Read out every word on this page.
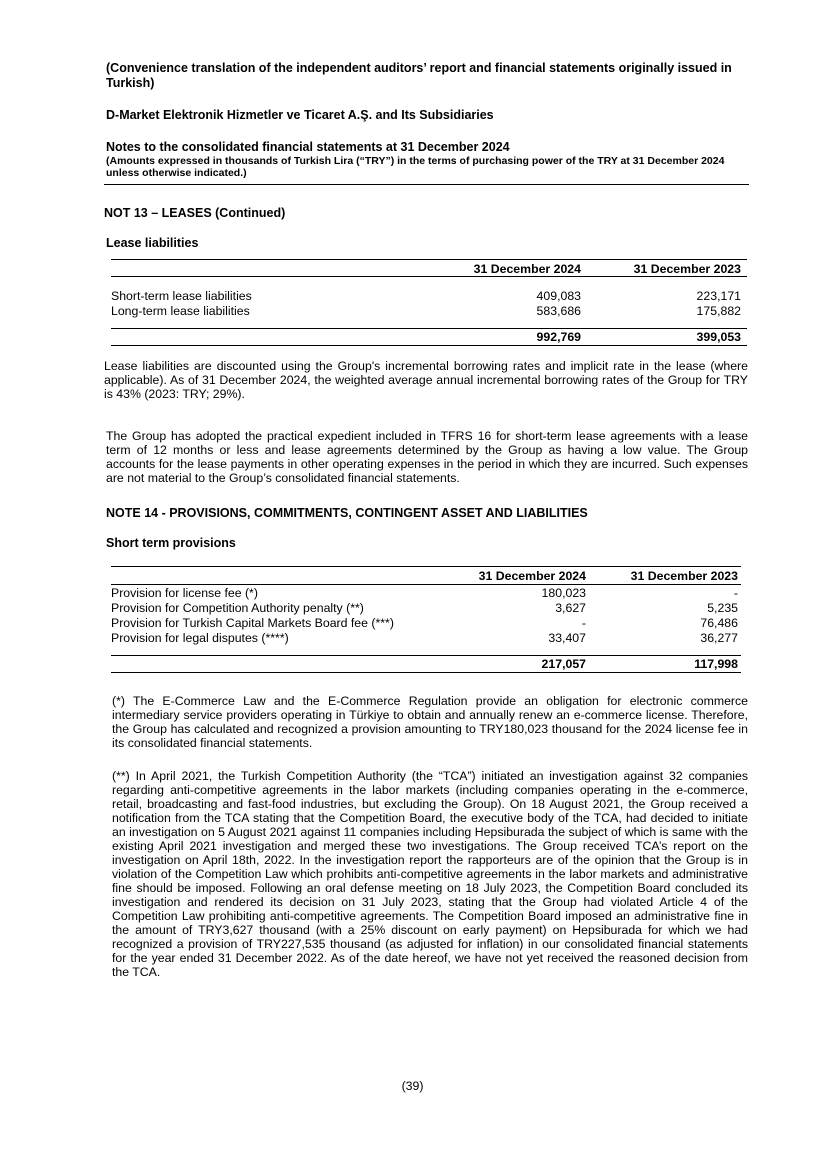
(Convenience translation of the independent auditors’ report and financial statements originally issued in Turkish)
D-Market Elektronik Hizmetler ve Ticaret A.Ş. and Its Subsidiaries
Notes to the consolidated financial statements at 31 December 2024
(Amounts expressed in thousands of Turkish Lira (“TRY”) in the terms of purchasing power of the TRY at 31 December 2024 unless otherwise indicated.)
NOT 13 – LEASES (Continued)
Lease liabilities
31 December 2024	31 December 2023
Short-term lease liabilities	409,083	223,171
Long-term lease liabilities	583,686	175,882
992,769	399,053
Lease liabilities are discounted using the Group's incremental borrowing rates and implicit rate in the lease (where applicable). As of 31 December 2024, the weighted average annual incremental borrowing rates of the Group for TRY is 43% (2023: TRY; 29%).
The Group has adopted the practical expedient included in TFRS 16 for short-term lease agreements with a lease term of 12 months or less and lease agreements determined by the Group as having a low value. The Group accounts for the lease payments in other operating expenses in the period in which they are incurred. Such expenses are not material to the Group’s consolidated financial statements.
NOTE 14 - PROVISIONS, COMMITMENTS, CONTINGENT ASSET AND LIABILITIES
Short term provisions
31 December 2024	31 December 2023
Provision for license fee (*)	180,023	-
Provision for Competition Authority penalty (**)	3,627	5,235
Provision for Turkish Capital Markets Board fee (***)	-	76,486
Provision for legal disputes (****)	33,407	36,277
217,057	117,998
(*) The E-Commerce Law and the E-Commerce Regulation provide an obligation for electronic commerce intermediary service providers operating in Türkiye to obtain and annually renew an e-commerce license. Therefore, the Group has calculated and recognized a provision amounting to TRY180,023 thousand for the 2024 license fee in its consolidated financial statements.
(**) In April 2021, the Turkish Competition Authority (the “TCA”) initiated an investigation against 32 companies regarding anti-competitive agreements in the labor markets (including companies operating in the e-commerce, retail, broadcasting and fast-food industries, but excluding the Group). On 18 August 2021, the Group received a notification from the TCA stating that the Competition Board, the executive body of the TCA, had decided to initiate an investigation on 5 August 2021 against 11 companies including Hepsiburada the subject of which is same with the existing April 2021 investigation and merged these two investigations. The Group received TCA’s report on the investigation on April 18th, 2022. In the investigation report the rapporteurs are of the opinion that the Group is in violation of the Competition Law which prohibits anti-competitive agreements in the labor markets and administrative fine should be imposed. Following an oral defense meeting on 18 July 2023, the Competition Board concluded its investigation and rendered its decision on 31 July 2023, stating that the Group had violated Article 4 of the Competition Law prohibiting anti-competitive agreements. The Competition Board imposed an administrative fine in the amount of TRY3,627 thousand (with a 25% discount on early payment) on Hepsiburada for which we had recognized a provision of TRY227,535 thousand (as adjusted for inflation) in our consolidated financial statements for the year ended 31 December 2022. As of the date hereof, we have not yet received the reasoned decision from the TCA.
(39)
